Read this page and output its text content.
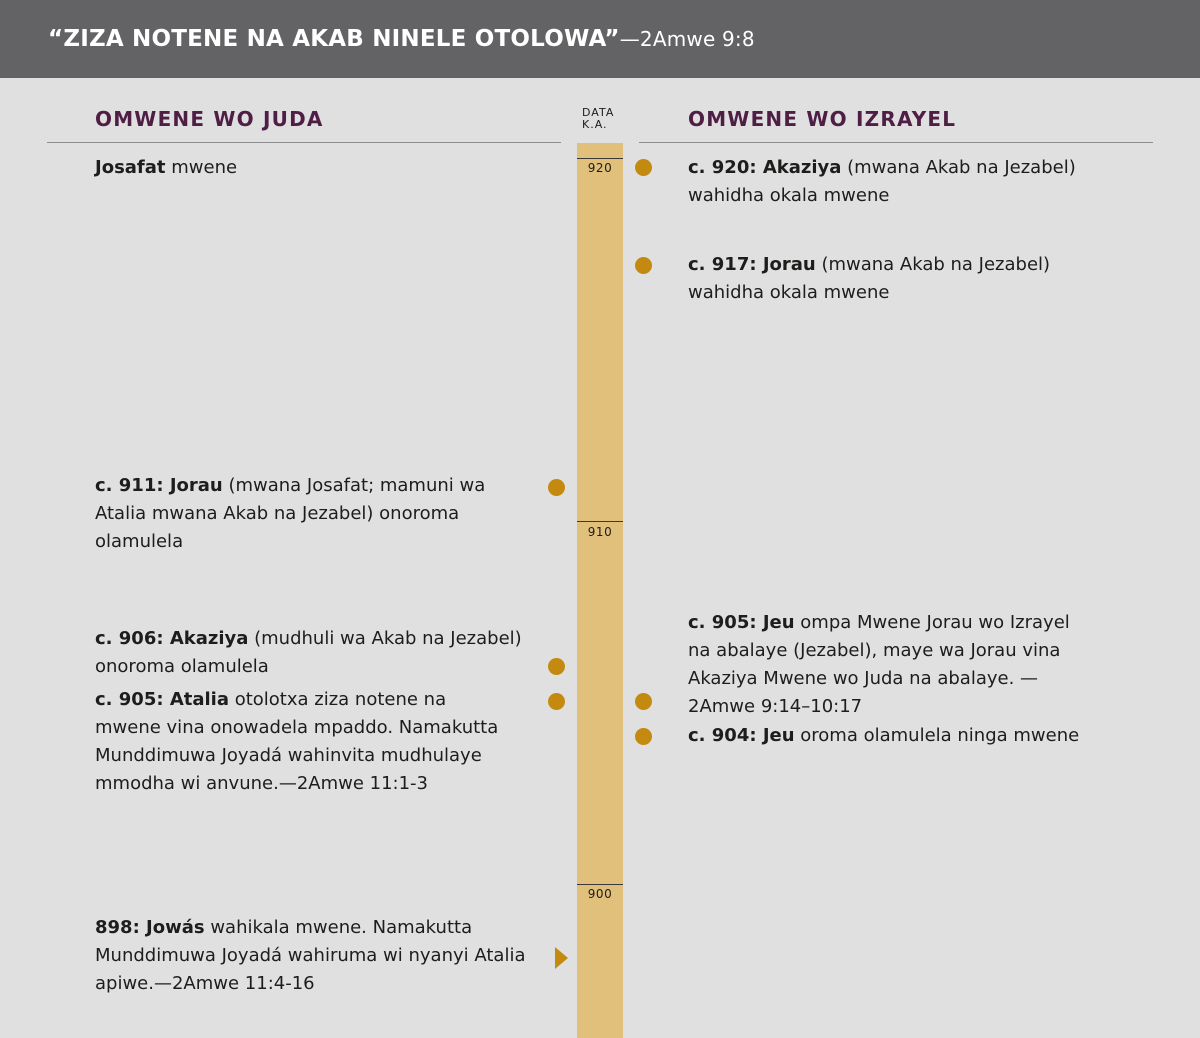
“ZIZA NOTENE NA AKAB NINELE OTOLOWA”—2Amwe 9:8
OMWENE WO JUDA	OMWENE WO IZRAYEL
DATA
K.A.
920
910
900
Josafat mwene
c. 911: Jorau (mwana Josafat; mamuni wa Atalia mwana Akab na Jezabel) onoroma olamulela
c. 906: Akaziya (mudhuli wa Akab na Jezabel) onoroma olamulela
c. 905: Atalia otolotxa ziza notene na mwene vina onowadela mpaddo. Namakutta Munddimuwa Joyadá wahinvita mudhulaye mmodha wi anvune.—2Amwe 11:1-3
898: Jowás wahikala mwene. Namakutta Munddimuwa Joyadá wahiruma wi nyanyi Atalia apiwe.—2Amwe 11:4-16
c. 920: Akaziya (mwana Akab na Jezabel) wahidha okala mwene
c. 917: Jorau (mwana Akab na Jezabel) wahidha okala mwene
c. 905: Jeu ompa Mwene Jorau wo Izrayel na abalaye (Jezabel), maye wa Jorau vina Akaziya Mwene wo Juda na abalaye. —2Amwe 9:14–10:17
c. 904: Jeu oroma olamulela ninga mwene
